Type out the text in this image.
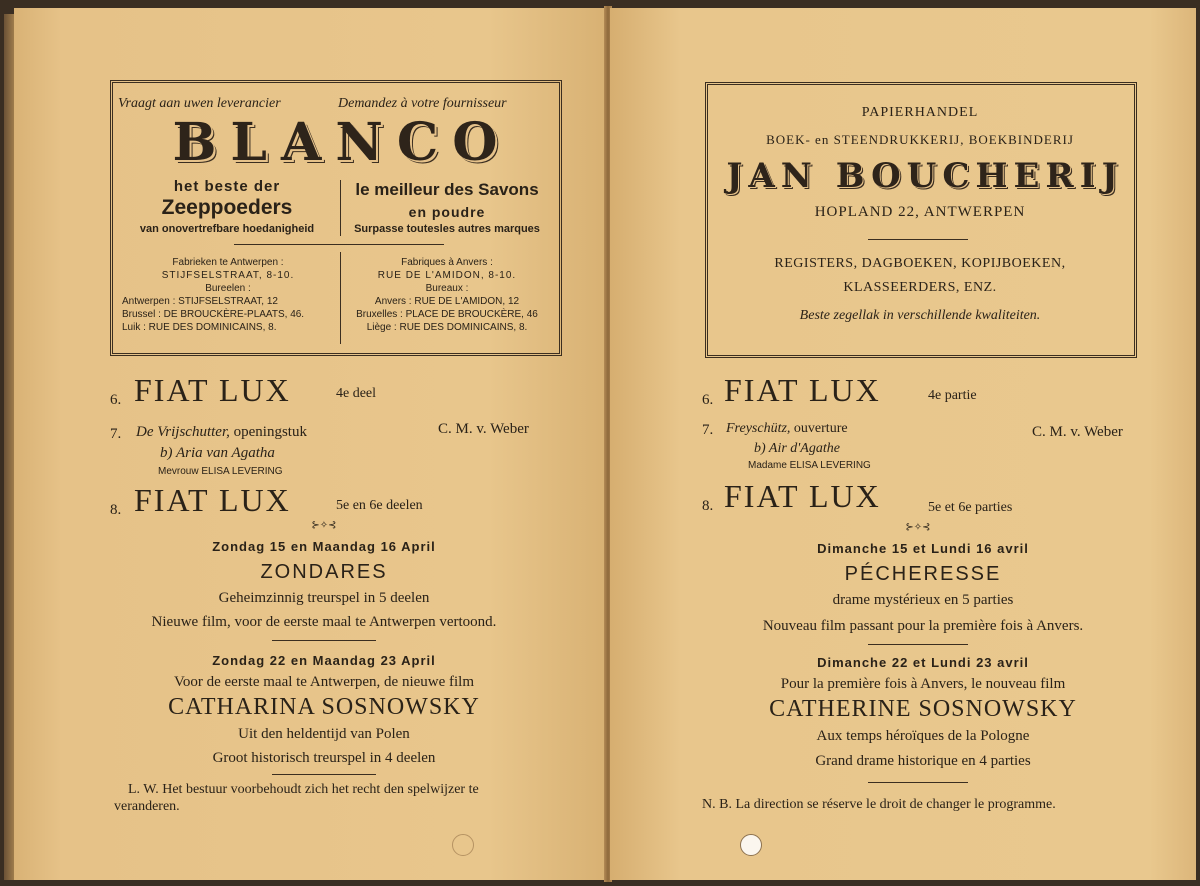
Vraagt aan uwen leverancier	Demandez à votre fournisseur
BLANCO
het beste der
Zeeppoeders
van onovertrefbare hoedanigheid
le meilleur des Savons
en poudre
Surpasse toutesles autres marques
Fabrieken te Antwerpen :
STIJFSELSTRAAT, 8-10.
Bureelen :
Antwerpen : STIJFSELSTRAAT, 12
Brussel : DE BROUCKÈRE-PLAATS, 46.
Luik : RUE DES DOMINICAINS, 8.
Fabriques à Anvers :
RUE DE L'AMIDON, 8-10.
Bureaux :
Anvers : RUE DE L'AMIDON, 12
Bruxelles : PLACE DE BROUCKÈRE, 46
Liège : RUE DES DOMINICAINS, 8.
6. FIAT LUX	4e deel
7. De Vrijschutter, openingstuk	C. M. v. Weber
b) Aria van Agatha
Mevrouw ELISA LEVERING
8. FIAT LUX	5e en 6e deelen
⊱✧⊰
Zondag 15 en Maandag 16 April
ZONDARES
Geheimzinnig treurspel in 5 deelen
Nieuwe film, voor de eerste maal te Antwerpen vertoond.
Zondag 22 en Maandag 23 April
Voor de eerste maal te Antwerpen, de nieuwe film
CATHARINA SOSNOWSKY
Uit den heldentijd van Polen
Groot historisch treurspel in 4 deelen
L. W. Het bestuur voorbehoudt zich het recht den spelwijzer te
veranderen.
PAPIERHANDEL
BOEK- en STEENDRUKKERIJ, BOEKBINDERIJ
JAN BOUCHERIJ
HOPLAND 22, ANTWERPEN
REGISTERS, DAGBOEKEN, KOPIJBOEKEN,
KLASSEERDERS, ENZ.
Beste zegellak in verschillende kwaliteiten.
6. FIAT LUX	4e partie
7. Freyschütz, ouverture	C. M. v. Weber
b) Air d'Agathe
Madame ELISA LEVERING
8. FIAT LUX	5e et 6e parties
⊱✧⊰
Dimanche 15 et Lundi 16 avril
PÉCHERESSE
drame mystérieux en 5 parties
Nouveau film passant pour la première fois à Anvers.
Dimanche 22 et Lundi 23 avril
Pour la première fois à Anvers, le nouveau film
CATHERINE SOSNOWSKY
Aux temps héroïques de la Pologne
Grand drame historique en 4 parties
N. B. La direction se réserve le droit de changer le programme.
